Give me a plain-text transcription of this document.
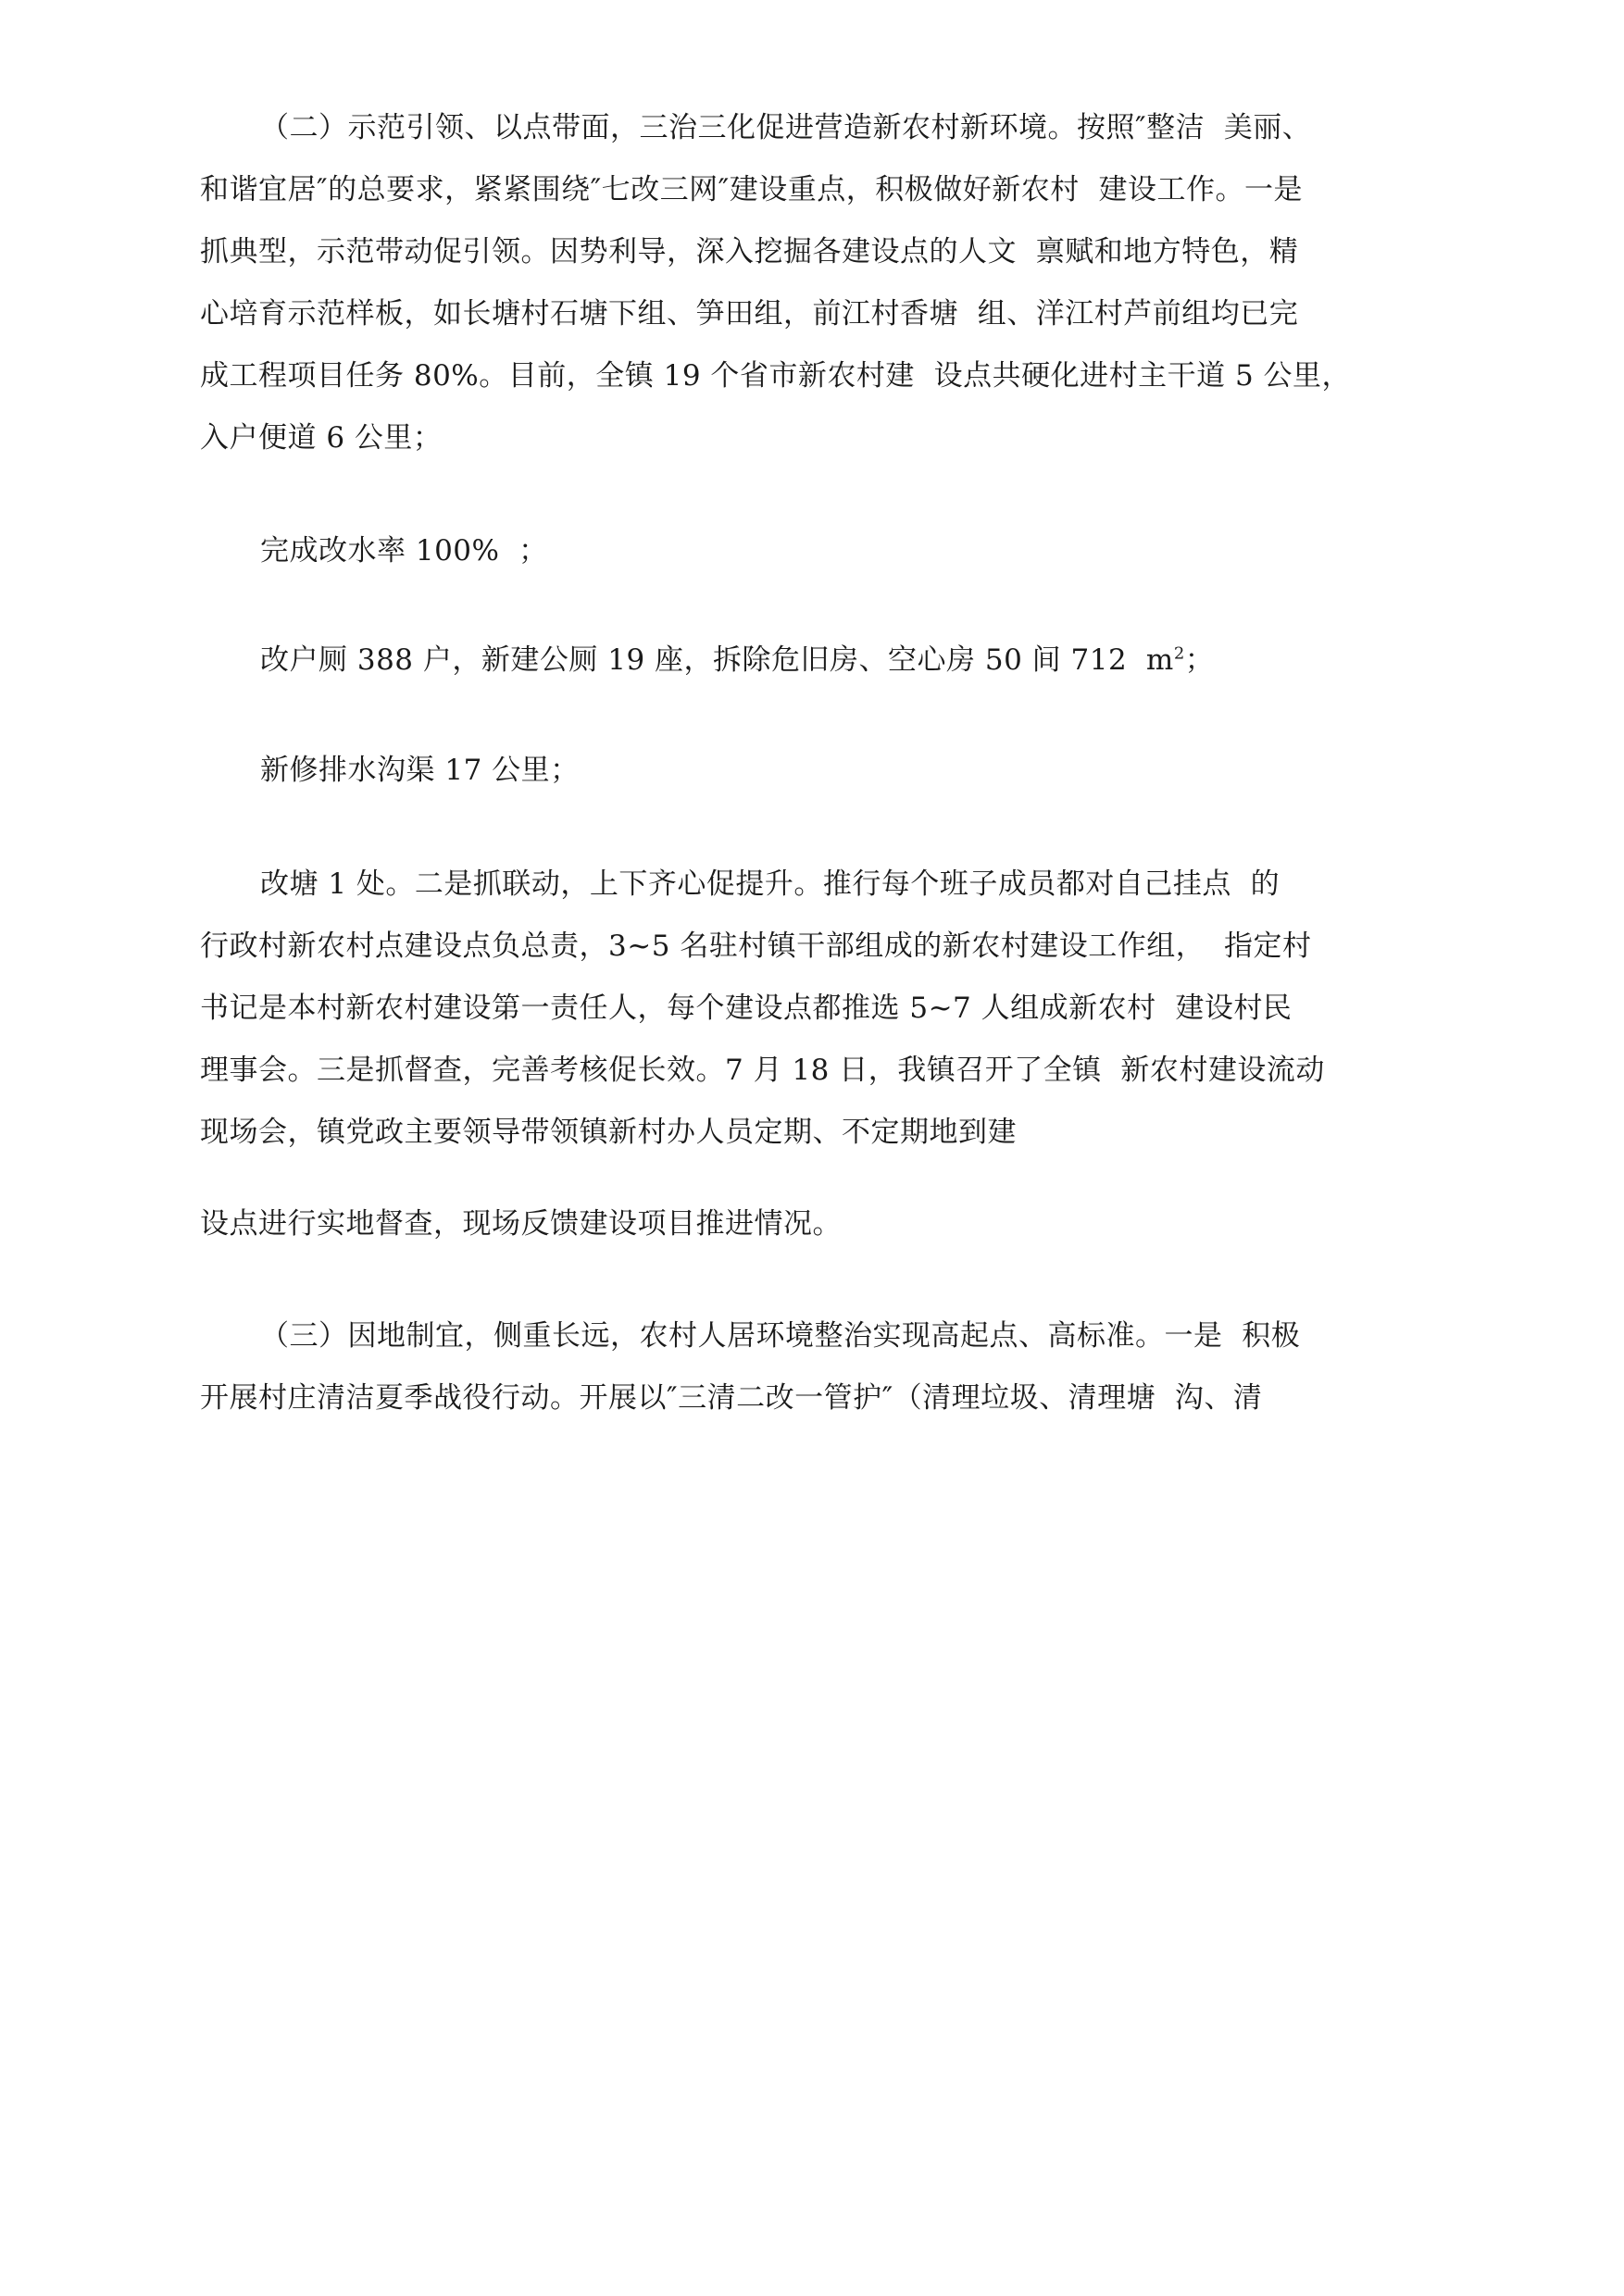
（二）示范引领、以点带面，三治三化促进营造新农村新环境。按照″整洁  美丽、
和谐宜居″的总要求，紧紧围绕″七改三网″建设重点，积极做好新农村  建设工作。一是
抓典型，示范带动促引领。因势利导，深入挖掘各建设点的人文  禀赋和地方特色，精
心培育示范样板，如长塘村石塘下组、笋田组，前江村香塘  组、洋江村芦前组均已完
成工程项目任务 80%。目前，全镇 19 个省市新农村建  设点共硬化进村主干道 5 公里，
入户便道 6 公里；
完成改水率 100%  ；
改户厕 388 户，新建公厕 19 座，拆除危旧房、空心房 50 间 712  $m^2$；
新修排水沟渠 17 公里；
改塘 1 处。二是抓联动，上下齐心促提升。推行每个班子成员都对自己挂点  的
行政村新农村点建设点负总责，3~5 名驻村镇干部组成的新农村建设工作组，  指定村
书记是本村新农村建设第一责任人，每个建设点都推选 5~7 人组成新农村  建设村民
理事会。三是抓督查，完善考核促长效。7 月 18 日，我镇召开了全镇  新农村建设流动
现场会，镇党政主要领导带领镇新村办人员定期、不定期地到建
设点进行实地督查，现场反馈建设项目推进情况。
（三）因地制宜，侧重长远，农村人居环境整治实现高起点、高标准。一是  积极
开展村庄清洁夏季战役行动。开展以″三清二改一管护″（清理垃圾、清理塘  沟、清
